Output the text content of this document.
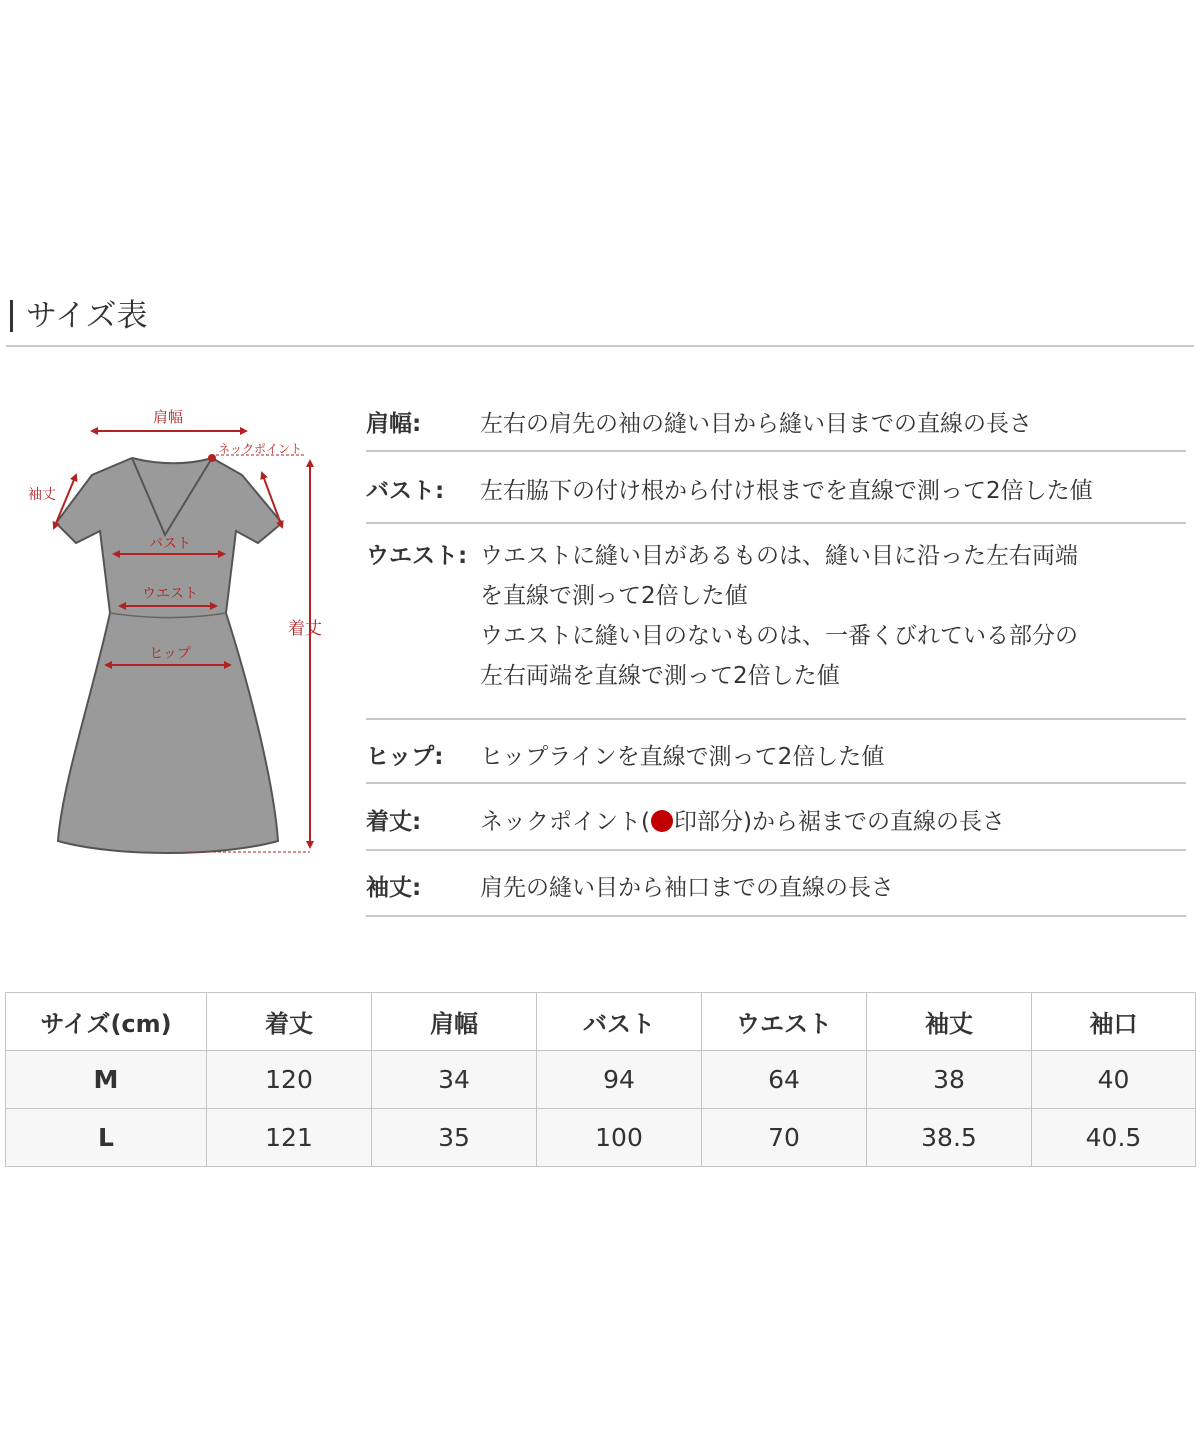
サイズ表
肩幅
ネックポイント
袖丈
バスト
ウエスト
ヒップ
着丈
肩幅:	左右の肩先の袖の縫い目から縫い目までの直線の長さ
バスト:	左右脇下の付け根から付け根までを直線で測って2倍した値
ウエスト: ウエストに縫い目があるものは、縫い目に沿った左右両端
を直線で測って2倍した値
ウエストに縫い目のないものは、一番くびれている部分の
左右両端を直線で測って2倍した値
ヒップ:	ヒップラインを直線で測って2倍した値
着丈:	ネックポイント( 印部分)から裾までの直線の長さ
袖丈:	肩先の縫い目から袖口までの直線の長さ
サイズ(cm)	着丈	肩幅	バスト	ウエスト	袖丈	袖口
M	120	34	94	64	38	40
L	121	35	100	70	38.5	40.5
